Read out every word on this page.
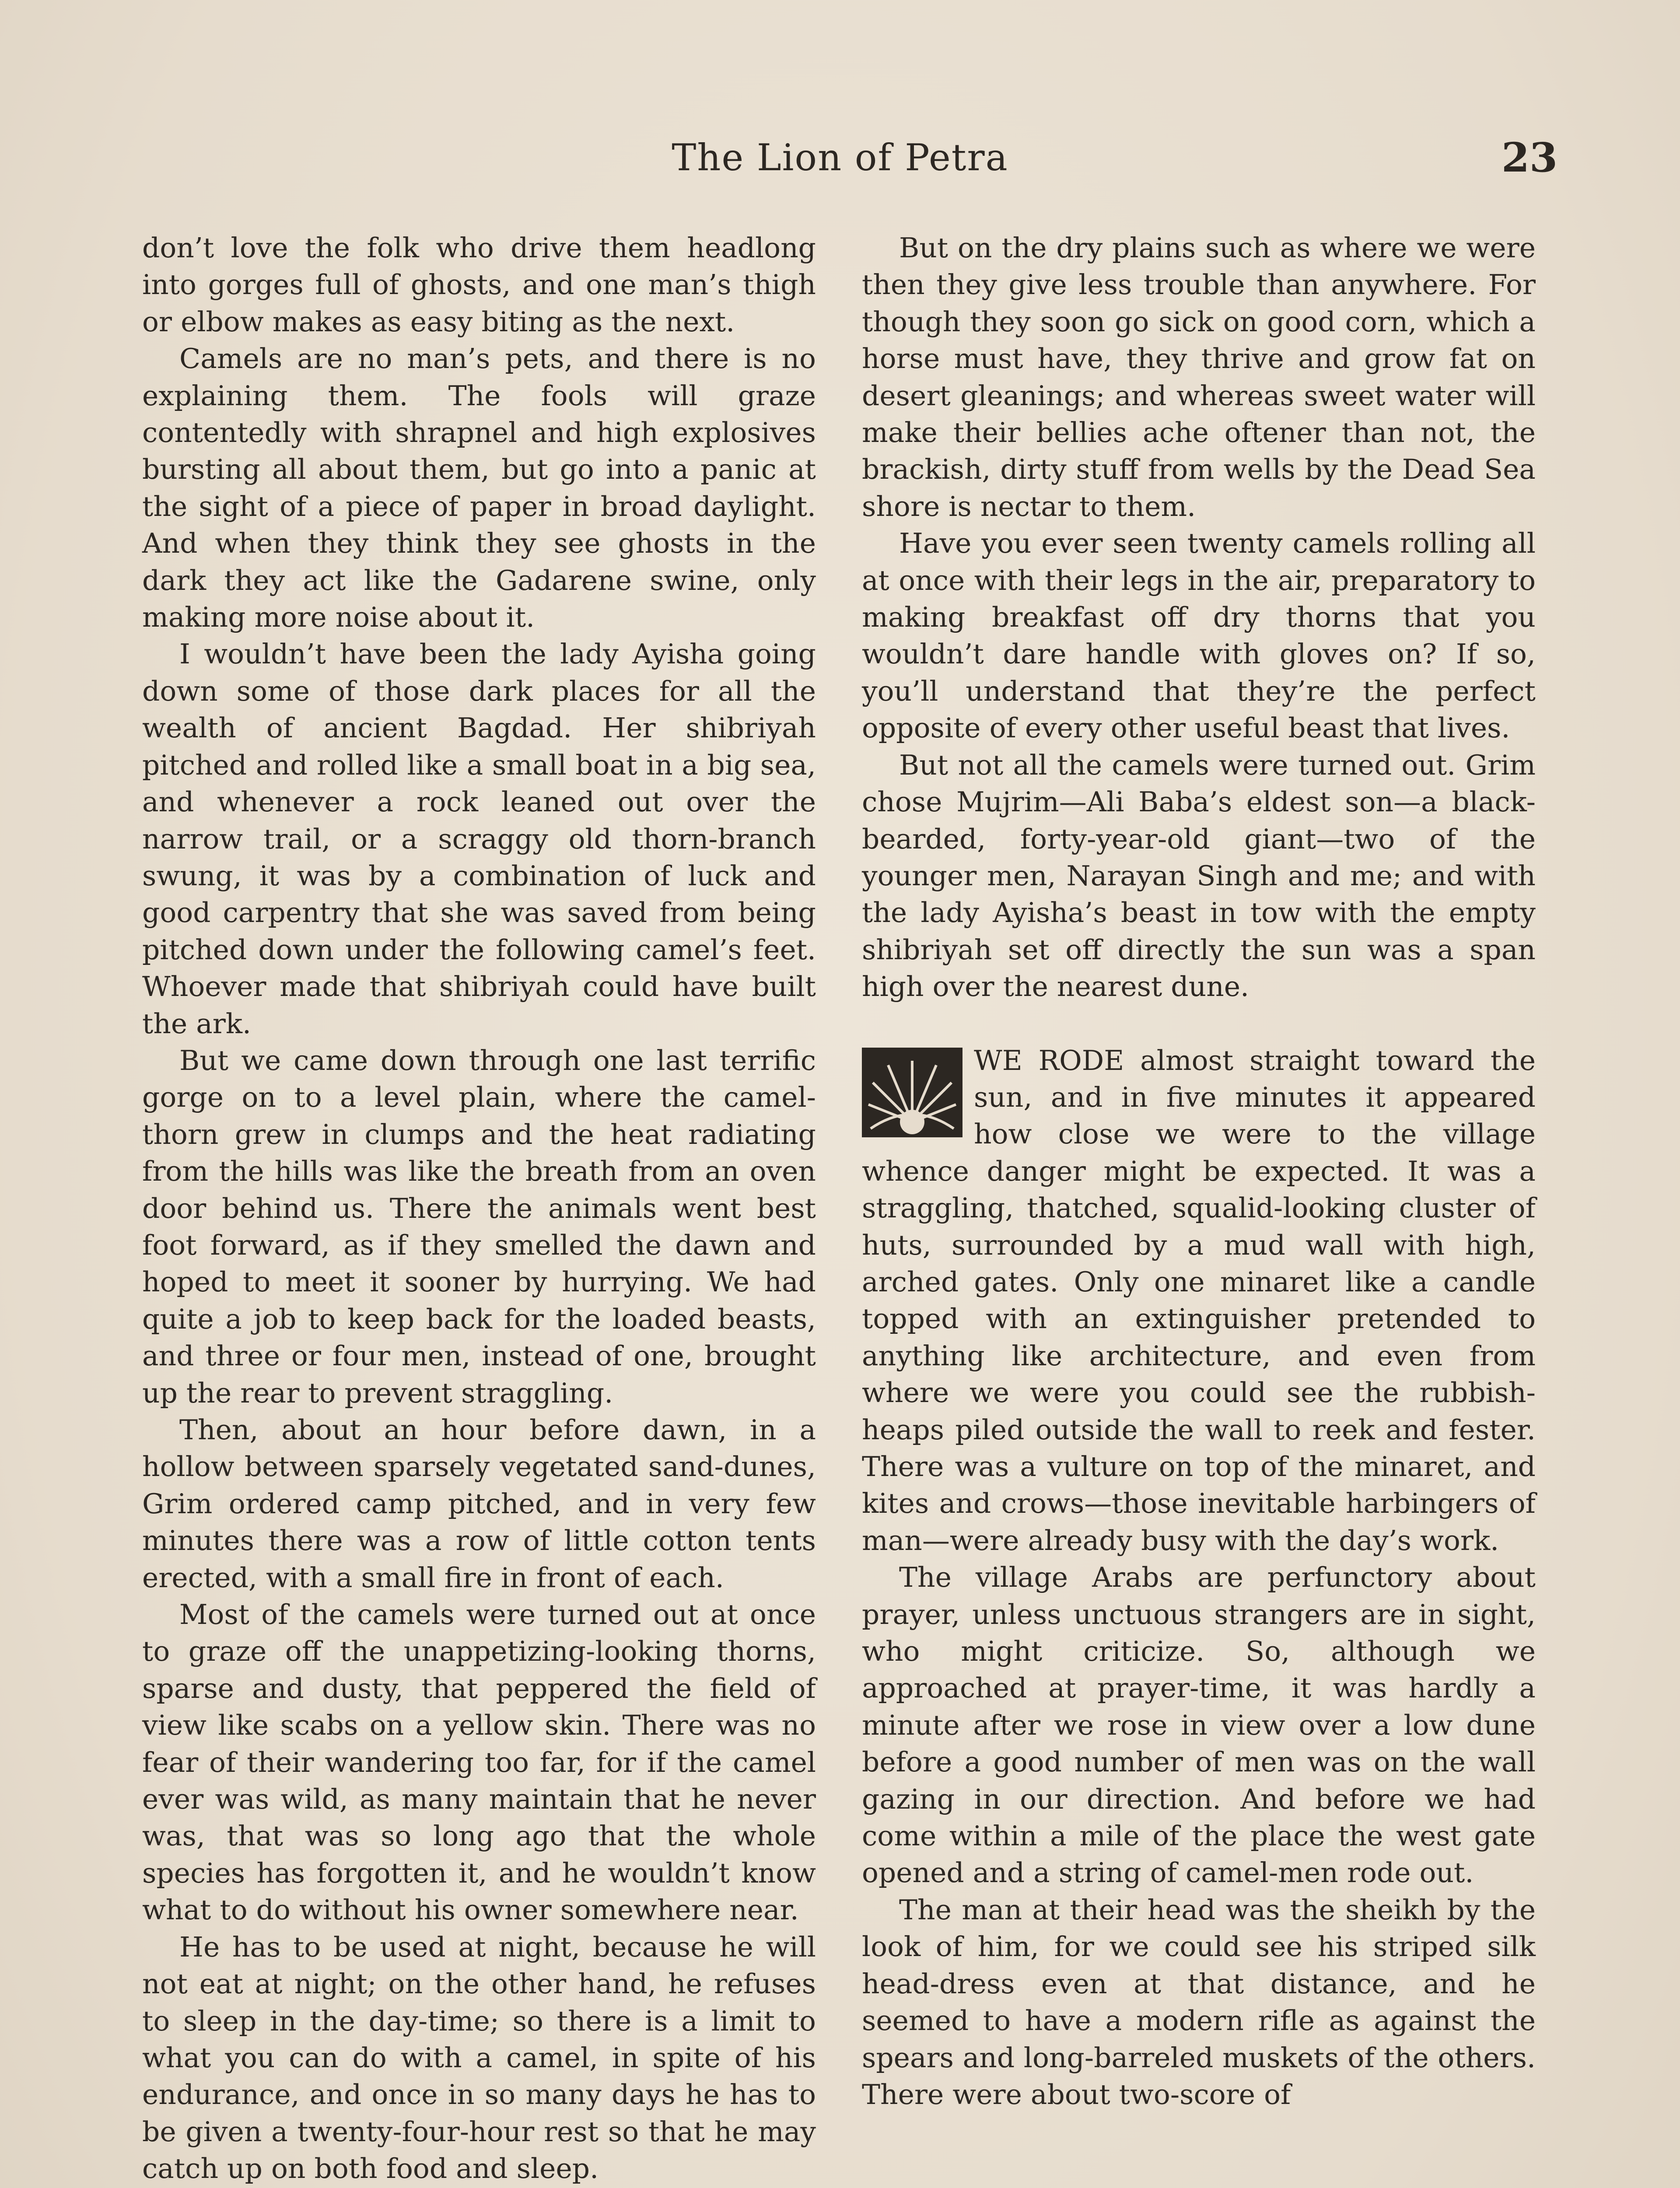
The Lion of Petra	23

don’t love the folk who drive them headlong into gorges full of ghosts, and one man’s thigh or elbow makes as easy biting as the next.

Camels are no man’s pets, and there is no explaining them. The fools will graze contentedly with shrapnel and high explosives bursting all about them, but go into a panic at the sight of a piece of paper in broad daylight. And when they think they see ghosts in the dark they act like the Gadarene swine, only making more noise about it.

I wouldn’t have been the lady Ayisha going down some of those dark places for all the wealth of ancient Bagdad. Her shibriyah pitched and rolled like a small boat in a big sea, and whenever a rock leaned out over the narrow trail, or a scraggy old thorn-branch swung, it was by a combination of luck and good carpentry that she was saved from being pitched down under the following camel’s feet. Whoever made that shibriyah could have built the ark.

But we came down through one last terrific gorge on to a level plain, where the camel-thorn grew in clumps and the heat radiating from the hills was like the breath from an oven door behind us. There the animals went best foot forward, as if they smelled the dawn and hoped to meet it sooner by hurrying. We had quite a job to keep back for the loaded beasts, and three or four men, instead of one, brought up the rear to prevent straggling.

Then, about an hour before dawn, in a hollow between sparsely vegetated sand-dunes, Grim ordered camp pitched, and in very few minutes there was a row of little cotton tents erected, with a small fire in front of each.

Most of the camels were turned out at once to graze off the unappetizing-looking thorns, sparse and dusty, that peppered the field of view like scabs on a yellow skin. There was no fear of their wandering too far, for if the camel ever was wild, as many maintain that he never was, that was so long ago that the whole species has forgotten it, and he wouldn’t know what to do without his owner somewhere near.

He has to be used at night, because he will not eat at night; on the other hand, he refuses to sleep in the day-time; so there is a limit to what you can do with a camel, in spite of his endurance, and once in so many days he has to be given a twenty-four-hour rest so that he may catch up on both food and sleep.

But on the dry plains such as where we were then they give less trouble than anywhere. For though they soon go sick on good corn, which a horse must have, they thrive and grow fat on desert gleanings; and whereas sweet water will make their bellies ache oftener than not, the brackish, dirty stuff from wells by the Dead Sea shore is nectar to them.

Have you ever seen twenty camels rolling all at once with their legs in the air, preparatory to making breakfast off dry thorns that you wouldn’t dare handle with gloves on? If so, you’ll understand that they’re the perfect opposite of every other useful beast that lives.

But not all the camels were turned out. Grim chose Mujrim—Ali Baba’s eldest son—a black-bearded, forty-year-old giant—two of the younger men, Narayan Singh and me; and with the lady Ayisha’s beast in tow with the empty shibriyah set off directly the sun was a span high over the nearest dune.

WE RODE almost straight toward the sun, and in five minutes it appeared how close we were to the village whence danger might be expected. It was a straggling, thatched, squalid-looking cluster of huts, surrounded by a mud wall with high, arched gates. Only one minaret like a candle topped with an extinguisher pretended to anything like architecture, and even from where we were you could see the rubbish-heaps piled outside the wall to reek and fester. There was a vulture on top of the minaret, and kites and crows—those inevitable harbingers of man—were already busy with the day’s work.

The village Arabs are perfunctory about prayer, unless unctuous strangers are in sight, who might criticize. So, although we approached at prayer-time, it was hardly a minute after we rose in view over a low dune before a good number of men was on the wall gazing in our direction. And before we had come within a mile of the place the west gate opened and a string of camel-men rode out.

The man at their head was the sheikh by the look of him, for we could see his striped silk head-dress even at that distance, and he seemed to have a modern rifle as against the spears and long-barreled muskets of the others. There were about two-score of
